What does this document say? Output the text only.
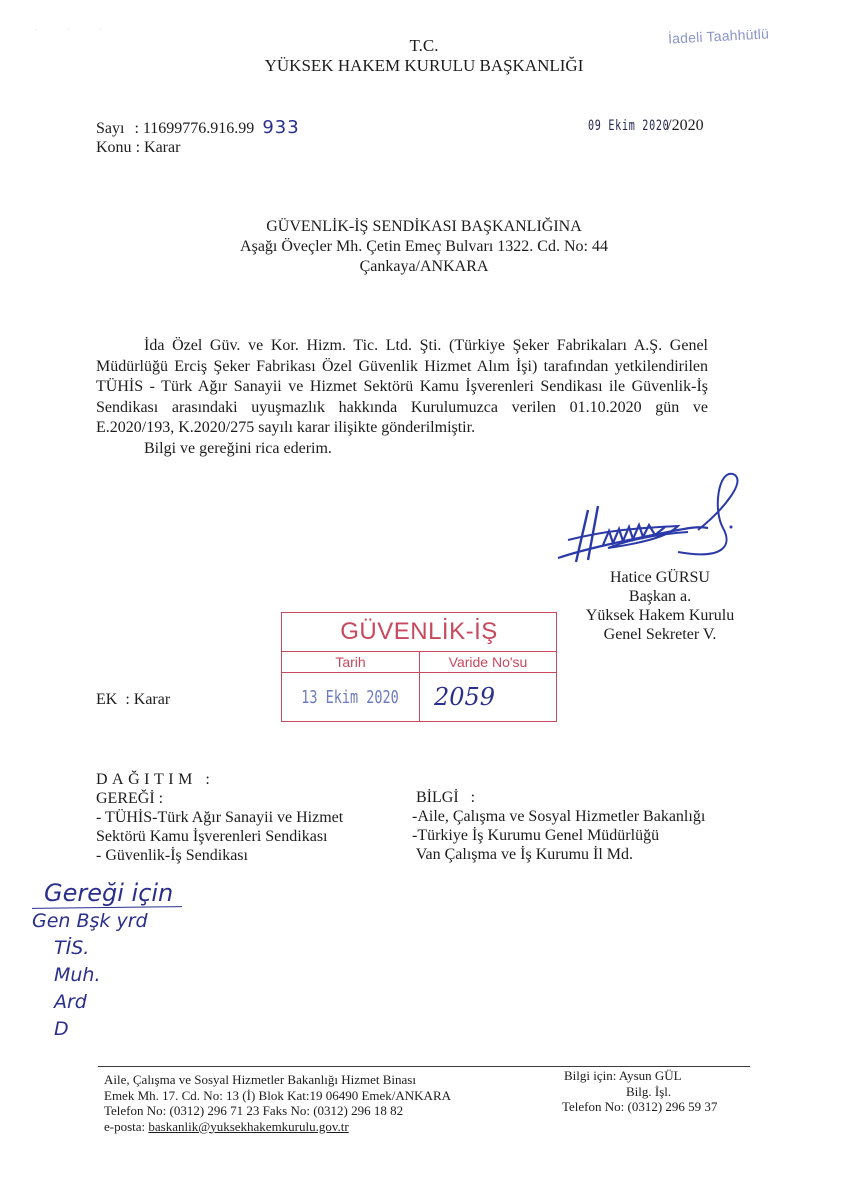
· · ·
T.C.
YÜKSEK HAKEM KURULU BAŞKANLIĞI
İadeli Taahhütlü
Sayı : 11699776.916.99 933
Konu : Karar
09 Ekim 2020/2020
GÜVENLİK-İŞ SENDİKASI BAŞKANLIĞINA
Aşağı Öveçler Mh. Çetin Emeç Bulvarı 1322. Cd. No: 44
Çankaya/ANKARA

İda Özel Güv. ve Kor. Hizm. Tic. Ltd. Şti. (Türkiye Şeker Fabrikaları A.Ş. Genel Müdürlüğü Erciş Şeker Fabrikası Özel Güvenlik Hizmet Alım İşi) tarafından yetkilendirilen TÜHİS - Türk Ağır Sanayii ve Hizmet Sektörü Kamu İşverenleri Sendikası ile Güvenlik-İş Sendikası arasındaki uyuşmazlık hakkında Kurulumuzca verilen 01.10.2020 gün ve E.2020/193, K.2020/275 sayılı karar ilişikte gönderilmiştir.

Bilgi ve gereğini rica ederim.

Hatice GÜRSU
Başkan a.
Yüksek Hakem Kurulu
Genel Sekreter V.
GÜVENLİK-İŞ
Tarih	Varide No'su
13 Ekim 2020	2059
EK : Karar
DAĞITIM :
GEREĞİ :
- TÜHİS-Türk Ağır Sanayii ve Hizmet
Sektörü Kamu İşverenleri Sendikası
- Güvenlik-İş Sendikası
BİLGİ   :
-Aile, Çalışma ve Sosyal Hizmetler Bakanlığı
-Türkiye İş Kurumu Genel Müdürlüğü
Van Çalışma ve İş Kurumu İl Md.
Gereği için
Gen Bşk yrd
TİS.
Muh.
Ard
D
Aile, Çalışma ve Sosyal Hizmetler Bakanlığı Hizmet Binası
Emek Mh. 17. Cd. No: 13 (İ) Blok Kat:19 06490 Emek/ANKARA
Telefon No: (0312) 296 71 23 Faks No: (0312) 296 18 82
e-posta: baskanlik@yuksekhakemkurulu.gov.tr
Bilgi için: Aysun GÜL
Bilg. İşl.
Telefon No: (0312) 296 59 37
